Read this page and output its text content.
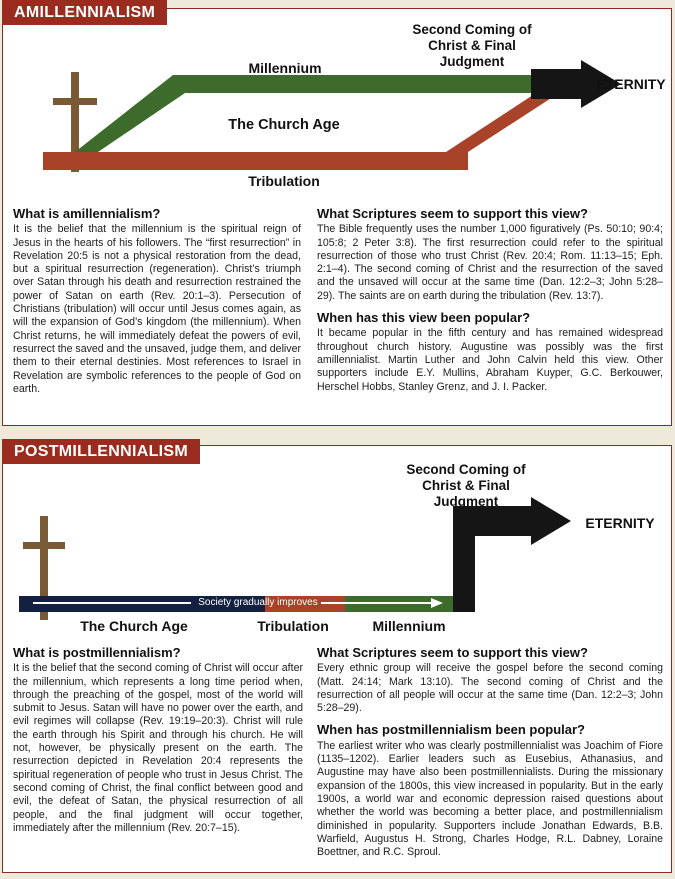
AMILLENNIALISM
Second Coming of Christ & Final Judgment
Millennium
ETERNITY
The Church Age
Tribulation
What is amillennialism?

It is the belief that the millennium is the spiritual reign of Jesus in the hearts of his followers. The “first resurrection” in Revelation 20:5 is not a physical restoration from the dead, but a spiritual resurrection (regeneration). Christ’s triumph over Satan through his death and resurrection restrained the power of Satan on earth (Rev. 20:1–3). Persecution of Christians (tribulation) will occur until Jesus comes again, as will the expansion of God’s kingdom (the millennium). When Christ returns, he will immediately defeat the powers of evil, resurrect the saved and the unsaved, judge them, and deliver them to their eternal destinies. Most references to Israel in Revelation are symbolic references to the people of God on earth.

What Scriptures seem to support this view?

The Bible frequently uses the number 1,000 figuratively (Ps. 50:10; 90:4; 105:8; 2 Peter 3:8). The first resurrection could refer to the spiritual resurrection of those who trust Christ (Rev. 20:4; Rom. 11:13–15; Eph. 2:1–4). The second coming of Christ and the resurrection of the saved and the unsaved will occur at the same time (Dan. 12:2–3; John 5:28–29). The saints are on earth during the tribulation (Rev. 13:7).

When has this view been popular?

It became popular in the fifth century and has remained widespread throughout church history. Augustine was possibly was the first amillennialist. Martin Luther and John Calvin held this view. Other supporters include E.Y. Mullins, Abraham Kuyper, G.C. Berkouwer, Herschel Hobbs, Stanley Grenz, and J. I. Packer.

POSTMILLENNIALISM
Society gradually improves
Second Coming of Christ & Final Judgment
ETERNITY
The Church Age	Tribulation	Millennium
What is postmillennialism?

It is the belief that the second coming of Christ will occur after the millennium, which represents a long time period when, through the preaching of the gospel, most of the world will submit to Jesus. Satan will have no power over the earth, and evil regimes will collapse (Rev. 19:19–20:3). Christ will rule the earth through his Spirit and through his church. He will not, however, be physically present on the earth. The resurrection depicted in Revelation 20:4 represents the spiritual regeneration of people who trust in Jesus Christ. The second coming of Christ, the final conflict between good and evil, the defeat of Satan, the physical resurrection of all people, and the final judgment will occur together, immediately after the millennium (Rev. 20:7–15).

What Scriptures seem to support this view?

Every ethnic group will receive the gospel before the second coming (Matt. 24:14; Mark 13:10). The second coming of Christ and the resurrection of all people will occur at the same time (Dan. 12:2–3; John 5:28–29).

When has postmillennialism been popular?

The earliest writer who was clearly postmillennialist was Joachim of Fiore (1135–1202). Earlier leaders such as Eusebius, Athanasius, and Augustine may have also been postmillennialists. During the missionary expansion of the 1800s, this view increased in popularity. But in the early 1900s, a world war and economic depression raised questions about whether the world was becoming a better place, and postmillennialism diminished in popularity. Supporters include Jonathan Edwards, B.B. Warfield, Augustus H. Strong, Charles Hodge, R.L. Dabney, Loraine Boettner, and R.C. Sproul.
